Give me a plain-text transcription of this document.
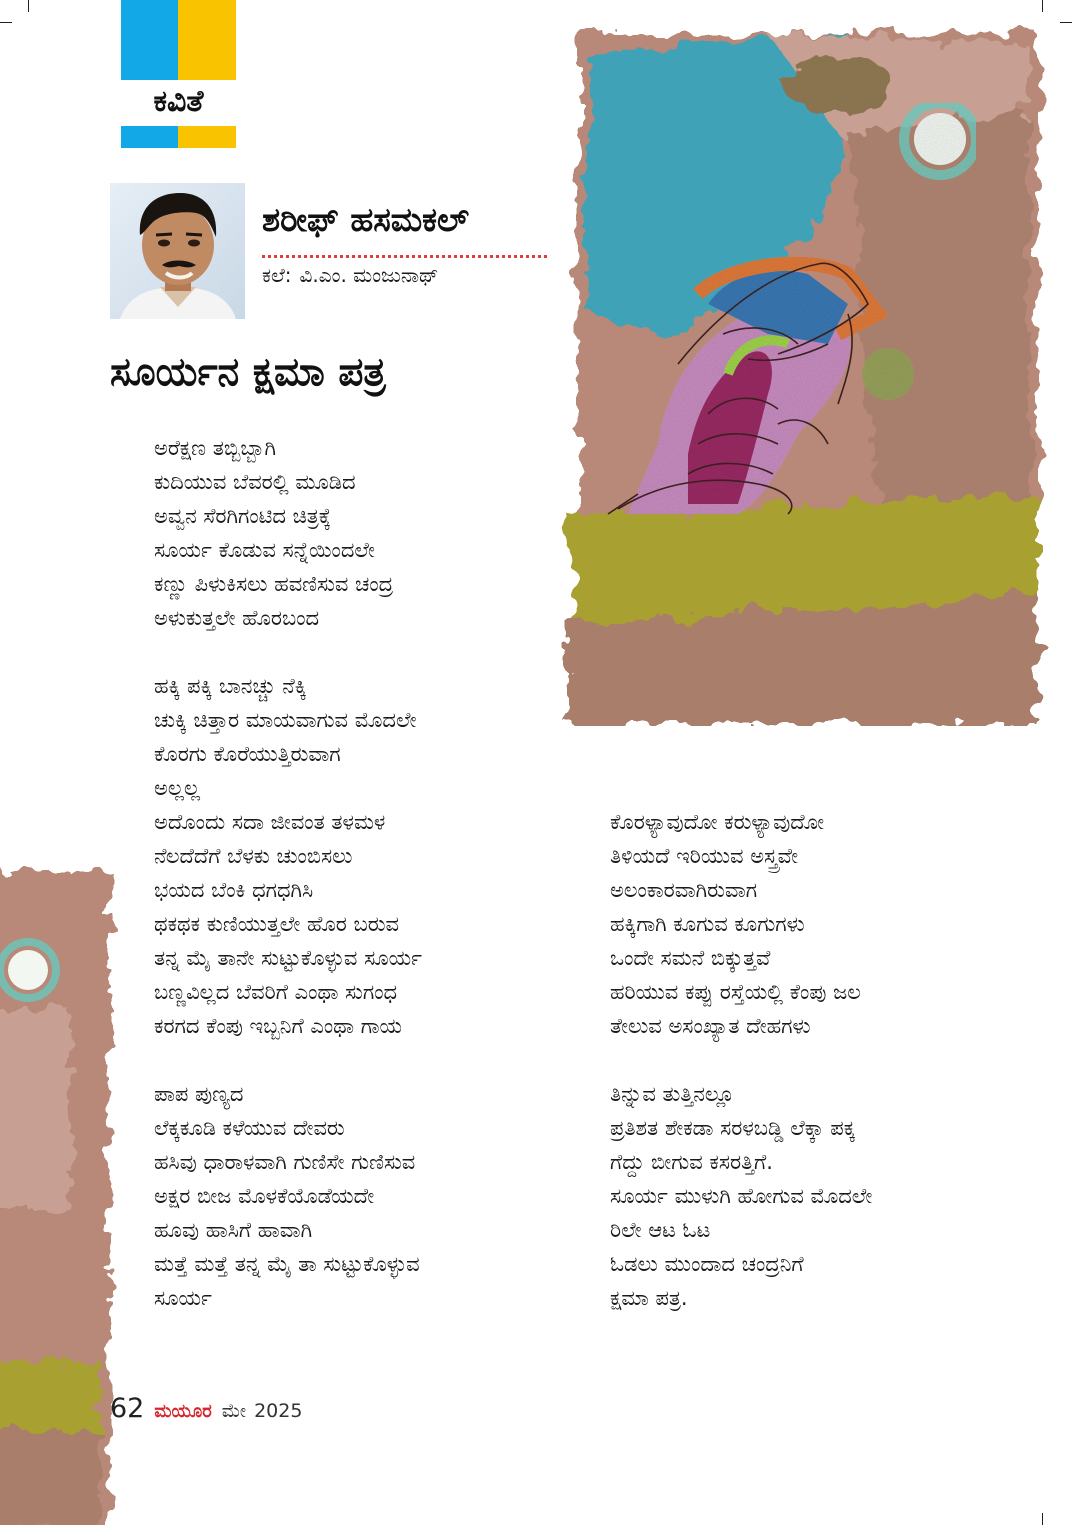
ಕವಿತೆ
ಶರೀಫ್ ಹಸಮಕಲ್
ಕಲೆ: ವಿ.ಎಂ. ಮಂಜುನಾಥ್
ಸೂರ್ಯನ ಕ್ಷಮಾ ಪತ್ರ
ಅರೆಕ್ಷಣ ತಬ್ಬಿಬ್ಬಾಗಿ
ಕುದಿಯುವ ಬೆವರಲ್ಲಿ ಮೂಡಿದ
ಅವ್ವನ ಸೆರಗಿಗಂಟಿದ ಚಿತ್ರಕ್ಕೆ
ಸೂರ್ಯ ಕೊಡುವ ಸನ್ನೆಯಿಂದಲೇ
ಕಣ್ಣು ಪಿಳುಕಿಸಲು ಹವಣಿಸುವ ಚಂದ್ರ
ಅಳುಕುತ್ತಲೇ ಹೊರಬಂದ
ಹಕ್ಕಿ ಪಕ್ಕಿ ಬಾನಚ್ಚು ನೆಕ್ಕಿ
ಚುಕ್ಕಿ ಚಿತ್ತಾರ ಮಾಯವಾಗುವ ಮೊದಲೇ
ಕೊರಗು ಕೊರೆಯುತ್ತಿರುವಾಗ
ಅಲ್ಲಲ್ಲ
ಅದೊಂದು ಸದಾ ಜೀವಂತ ತಳಮಳ
ನೆಲದೆದೆಗೆ ಬೆಳಕು ಚುಂಬಿಸಲು
ಭಯದ ಬೆಂಕಿ ಧಗಧಗಿಸಿ
ಥಕಥಕ ಕುಣಿಯುತ್ತಲೇ ಹೊರ ಬರುವ
ತನ್ನ ಮೈ ತಾನೇ ಸುಟ್ಟುಕೊಳ್ಳುವ ಸೂರ್ಯ
ಬಣ್ಣವಿಲ್ಲದ ಬೆವರಿಗೆ ಎಂಥಾ ಸುಗಂಧ
ಕರಗದ ಕೆಂಪು ಇಬ್ಬನಿಗೆ ಎಂಥಾ ಗಾಯ
ಪಾಪ ಪುಣ್ಯದ
ಲೆಕ್ಕಕೂಡಿ ಕಳೆಯುವ ದೇವರು
ಹಸಿವು ಧಾರಾಳವಾಗಿ ಗುಣಿಸೇ ಗುಣಿಸುವ
ಅಕ್ಷರ ಬೀಜ ಮೊಳಕೆಯೊಡೆಯದೇ
ಹೂವು ಹಾಸಿಗೆ ಹಾವಾಗಿ
ಮತ್ತೆ ಮತ್ತೆ ತನ್ನ ಮೈ ತಾ ಸುಟ್ಟುಕೊಳ್ಳುವ
ಸೂರ್ಯ
ಕೊರಳ್ಯಾವುದೋ ಕರುಳ್ಯಾವುದೋ
ತಿಳಿಯದೆ ಇರಿಯುವ ಅಸ್ತ್ರವೇ
ಅಲಂಕಾರವಾಗಿರುವಾಗ
ಹಕ್ಕಿಗಾಗಿ ಕೂಗುವ ಕೂಗುಗಳು
ಒಂದೇ ಸಮನೆ ಬಿಕ್ಕುತ್ತವೆ
ಹರಿಯುವ ಕಪ್ಪು ರಸ್ತೆಯಲ್ಲಿ ಕೆಂಪು ಜಲ
ತೇಲುವ ಅಸಂಖ್ಯಾತ ದೇಹಗಳು
ತಿನ್ನುವ ತುತ್ತಿನಲ್ಲೂ
ಪ್ರತಿಶತ ಶೇಕಡಾ ಸರಳಬಡ್ಡಿ ಲೆಕ್ಕಾ ಪಕ್ಕ
ಗೆದ್ದು ಬೀಗುವ ಕಸರತ್ತಿಗೆ.
ಸೂರ್ಯ ಮುಳುಗಿ ಹೋಗುವ ಮೊದಲೇ
ರಿಲೇ ಆಟ ಓಟ
ಓಡಲು ಮುಂದಾದ ಚಂದ್ರನಿಗೆ
ಕ್ಷಮಾ ಪತ್ರ.
62 ಮಯೂರ ಮೇ 2025
